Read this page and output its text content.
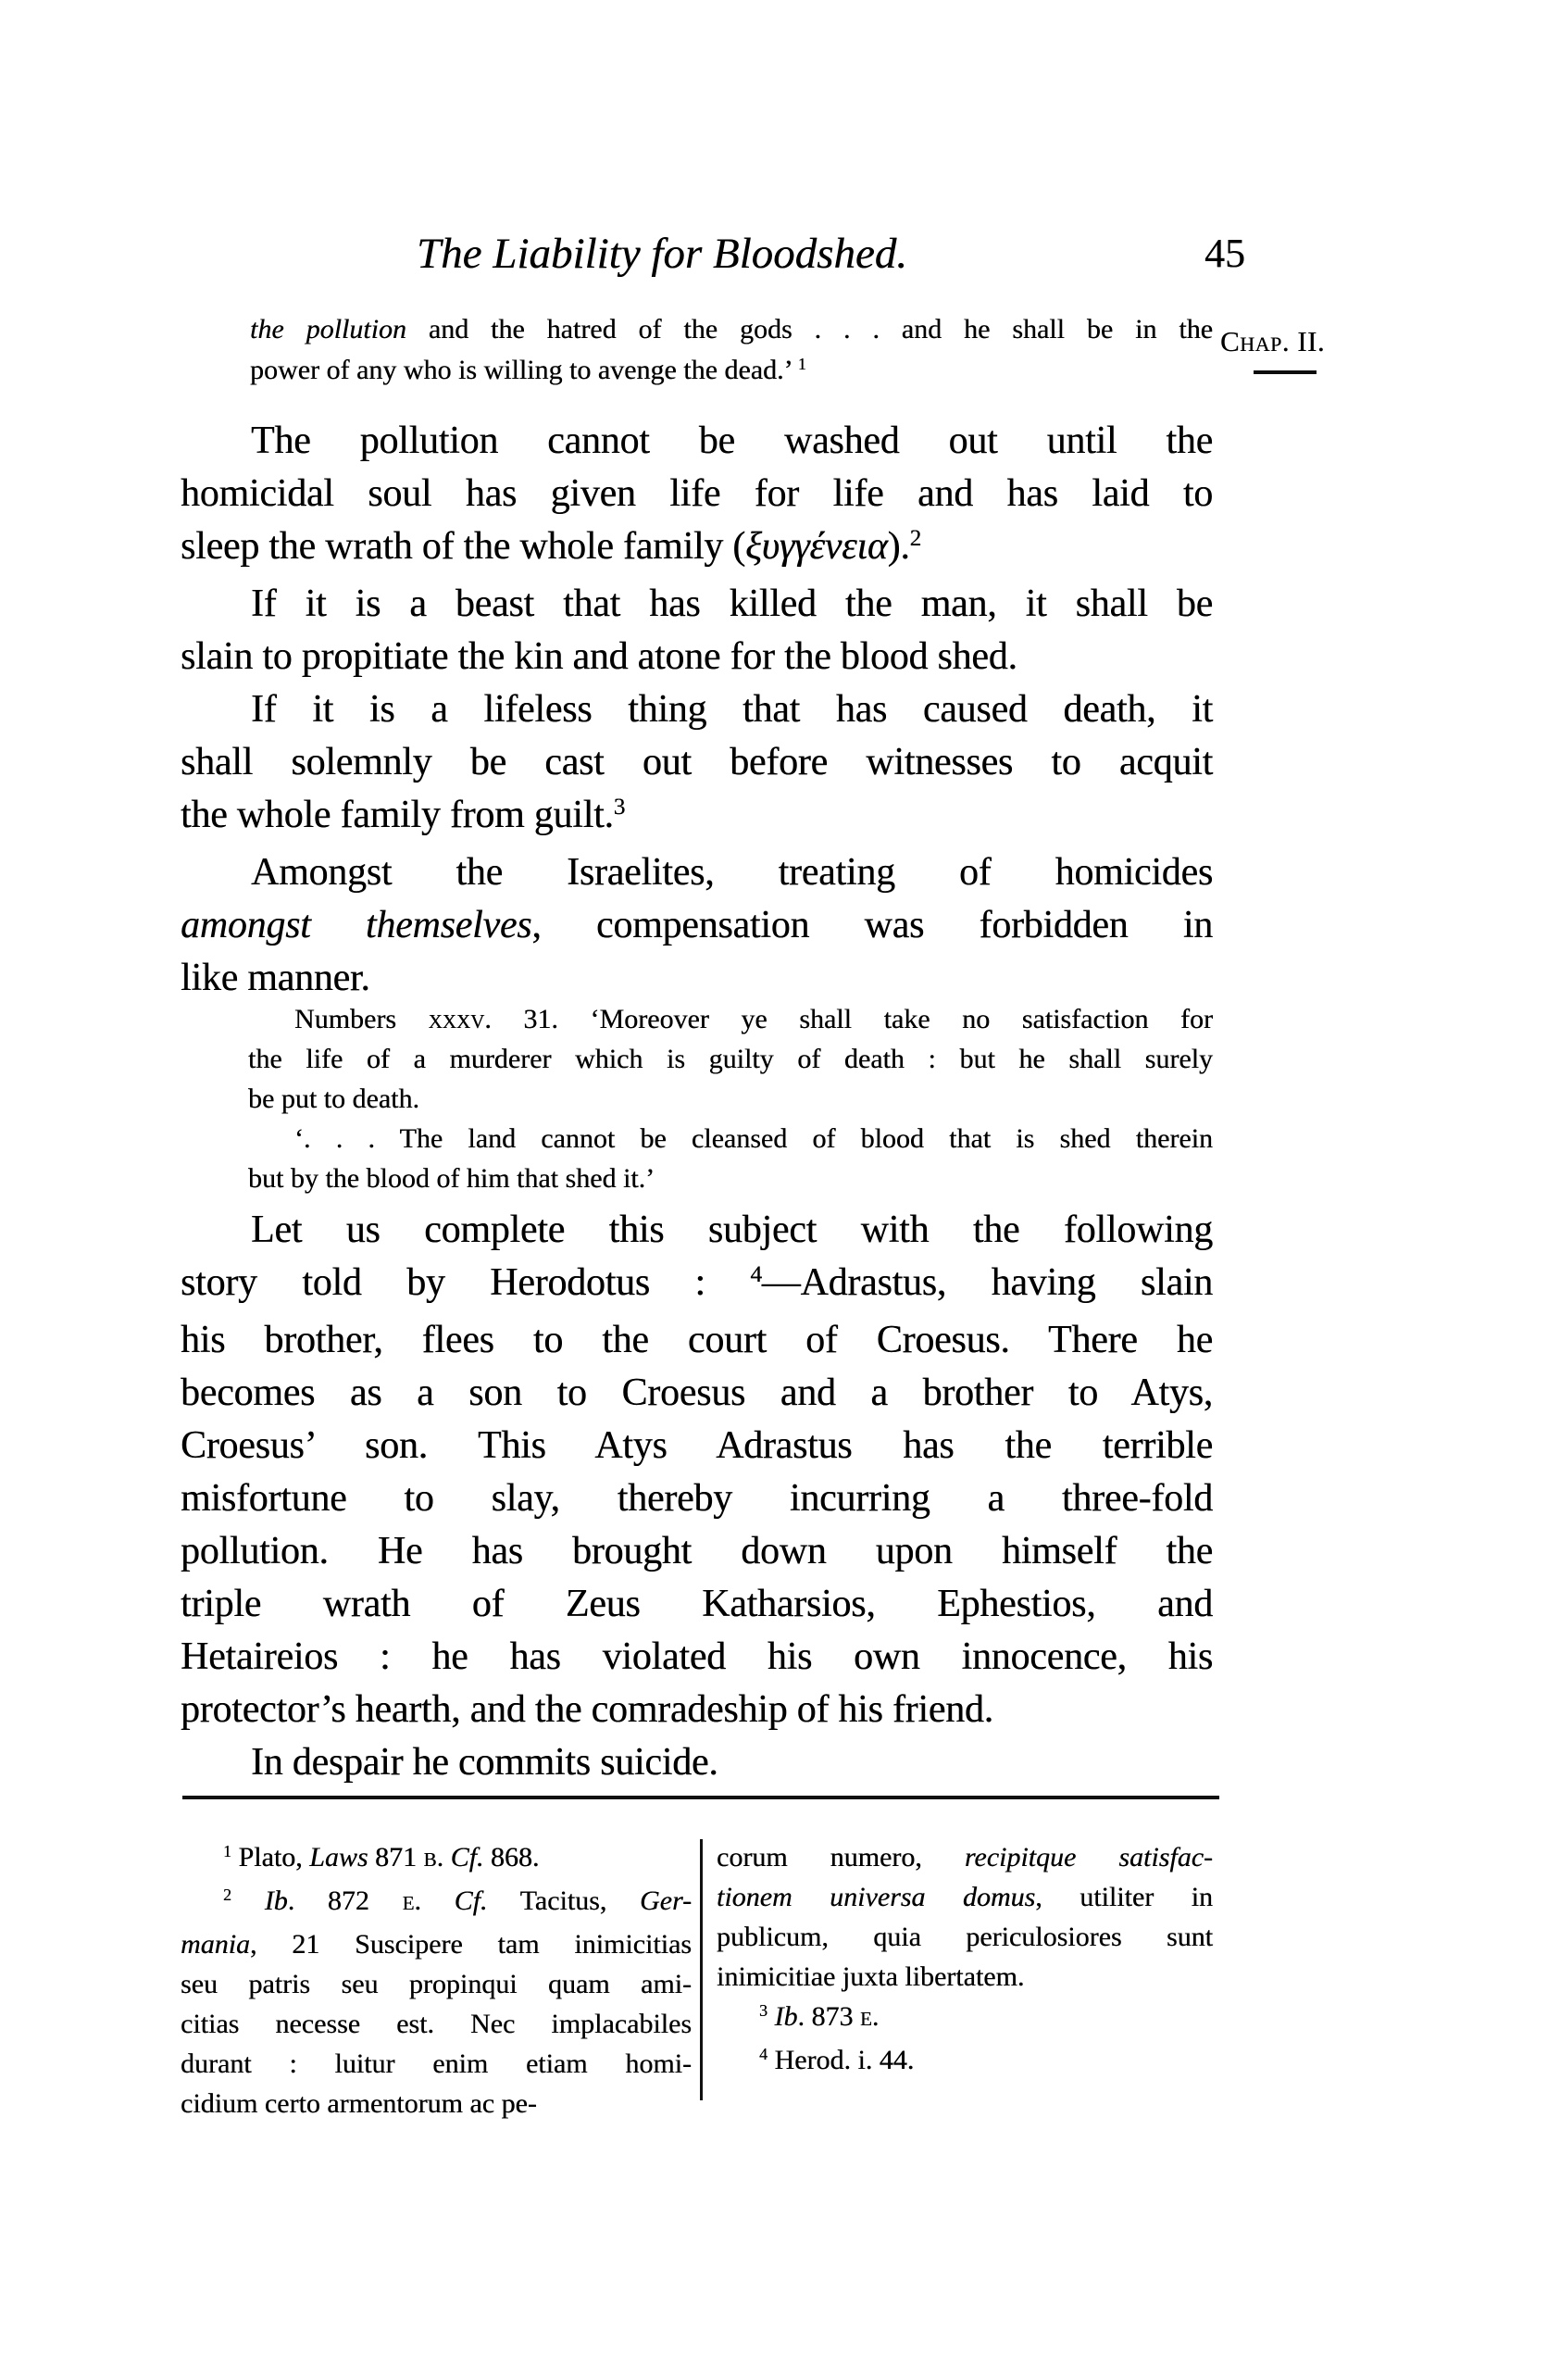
The Liability for Bloodshed.	45
Chap. II.
the pollution and the hatred of the gods . . . and he shall be in the
power of any who is willing to avenge the dead.’ $^1$
The pollution cannot be washed out until the
homicidal soul has given life for life and has laid to
sleep the wrath of the whole family (ξυγγένεια).$^2$
If it is a beast that has killed the man, it shall be
slain to propitiate the kin and atone for the blood shed.
If it is a lifeless thing that has caused death, it
shall solemnly be cast out before witnesses to acquit
the whole family from guilt.$^3$
Amongst the Israelites, treating of homicides
amongst themselves, compensation was forbidden in
like manner.
Numbers xxxv. 31. ‘Moreover ye shall take no satisfaction for
the life of a murderer which is guilty of death : but he shall surely
be put to death.
‘. . . The land cannot be cleansed of blood that is shed therein
but by the blood of him that shed it.’
Let us complete this subject with the following
story told by Herodotus : $^4$—Adrastus, having slain
his brother, flees to the court of Croesus. There he
becomes as a son to Croesus and a brother to Atys,
Croesus’ son. This Atys Adrastus has the terrible
misfortune to slay, thereby incurring a three-fold
pollution. He has brought down upon himself the
triple wrath of Zeus Katharsios, Ephestios, and
Hetaireios : he has violated his own innocence, his
protector’s hearth, and the comradeship of his friend.
In despair he commits suicide.
$^1$ Plato, Laws 871 b. Cf. 868.
$^2$ Ib. 872 e. Cf. Tacitus, Ger-
mania, 21 Suscipere tam inimicitias
seu patris seu propinqui quam ami-
citias necesse est. Nec implacabiles
durant : luitur enim etiam homi-
cidium certo armentorum ac pe-
corum numero, recipitque satisfac-
tionem universa domus, utiliter in
publicum, quia periculosiores sunt
inimicitiae juxta libertatem.
$^3$ Ib. 873 e.
$^4$ Herod. i. 44.
